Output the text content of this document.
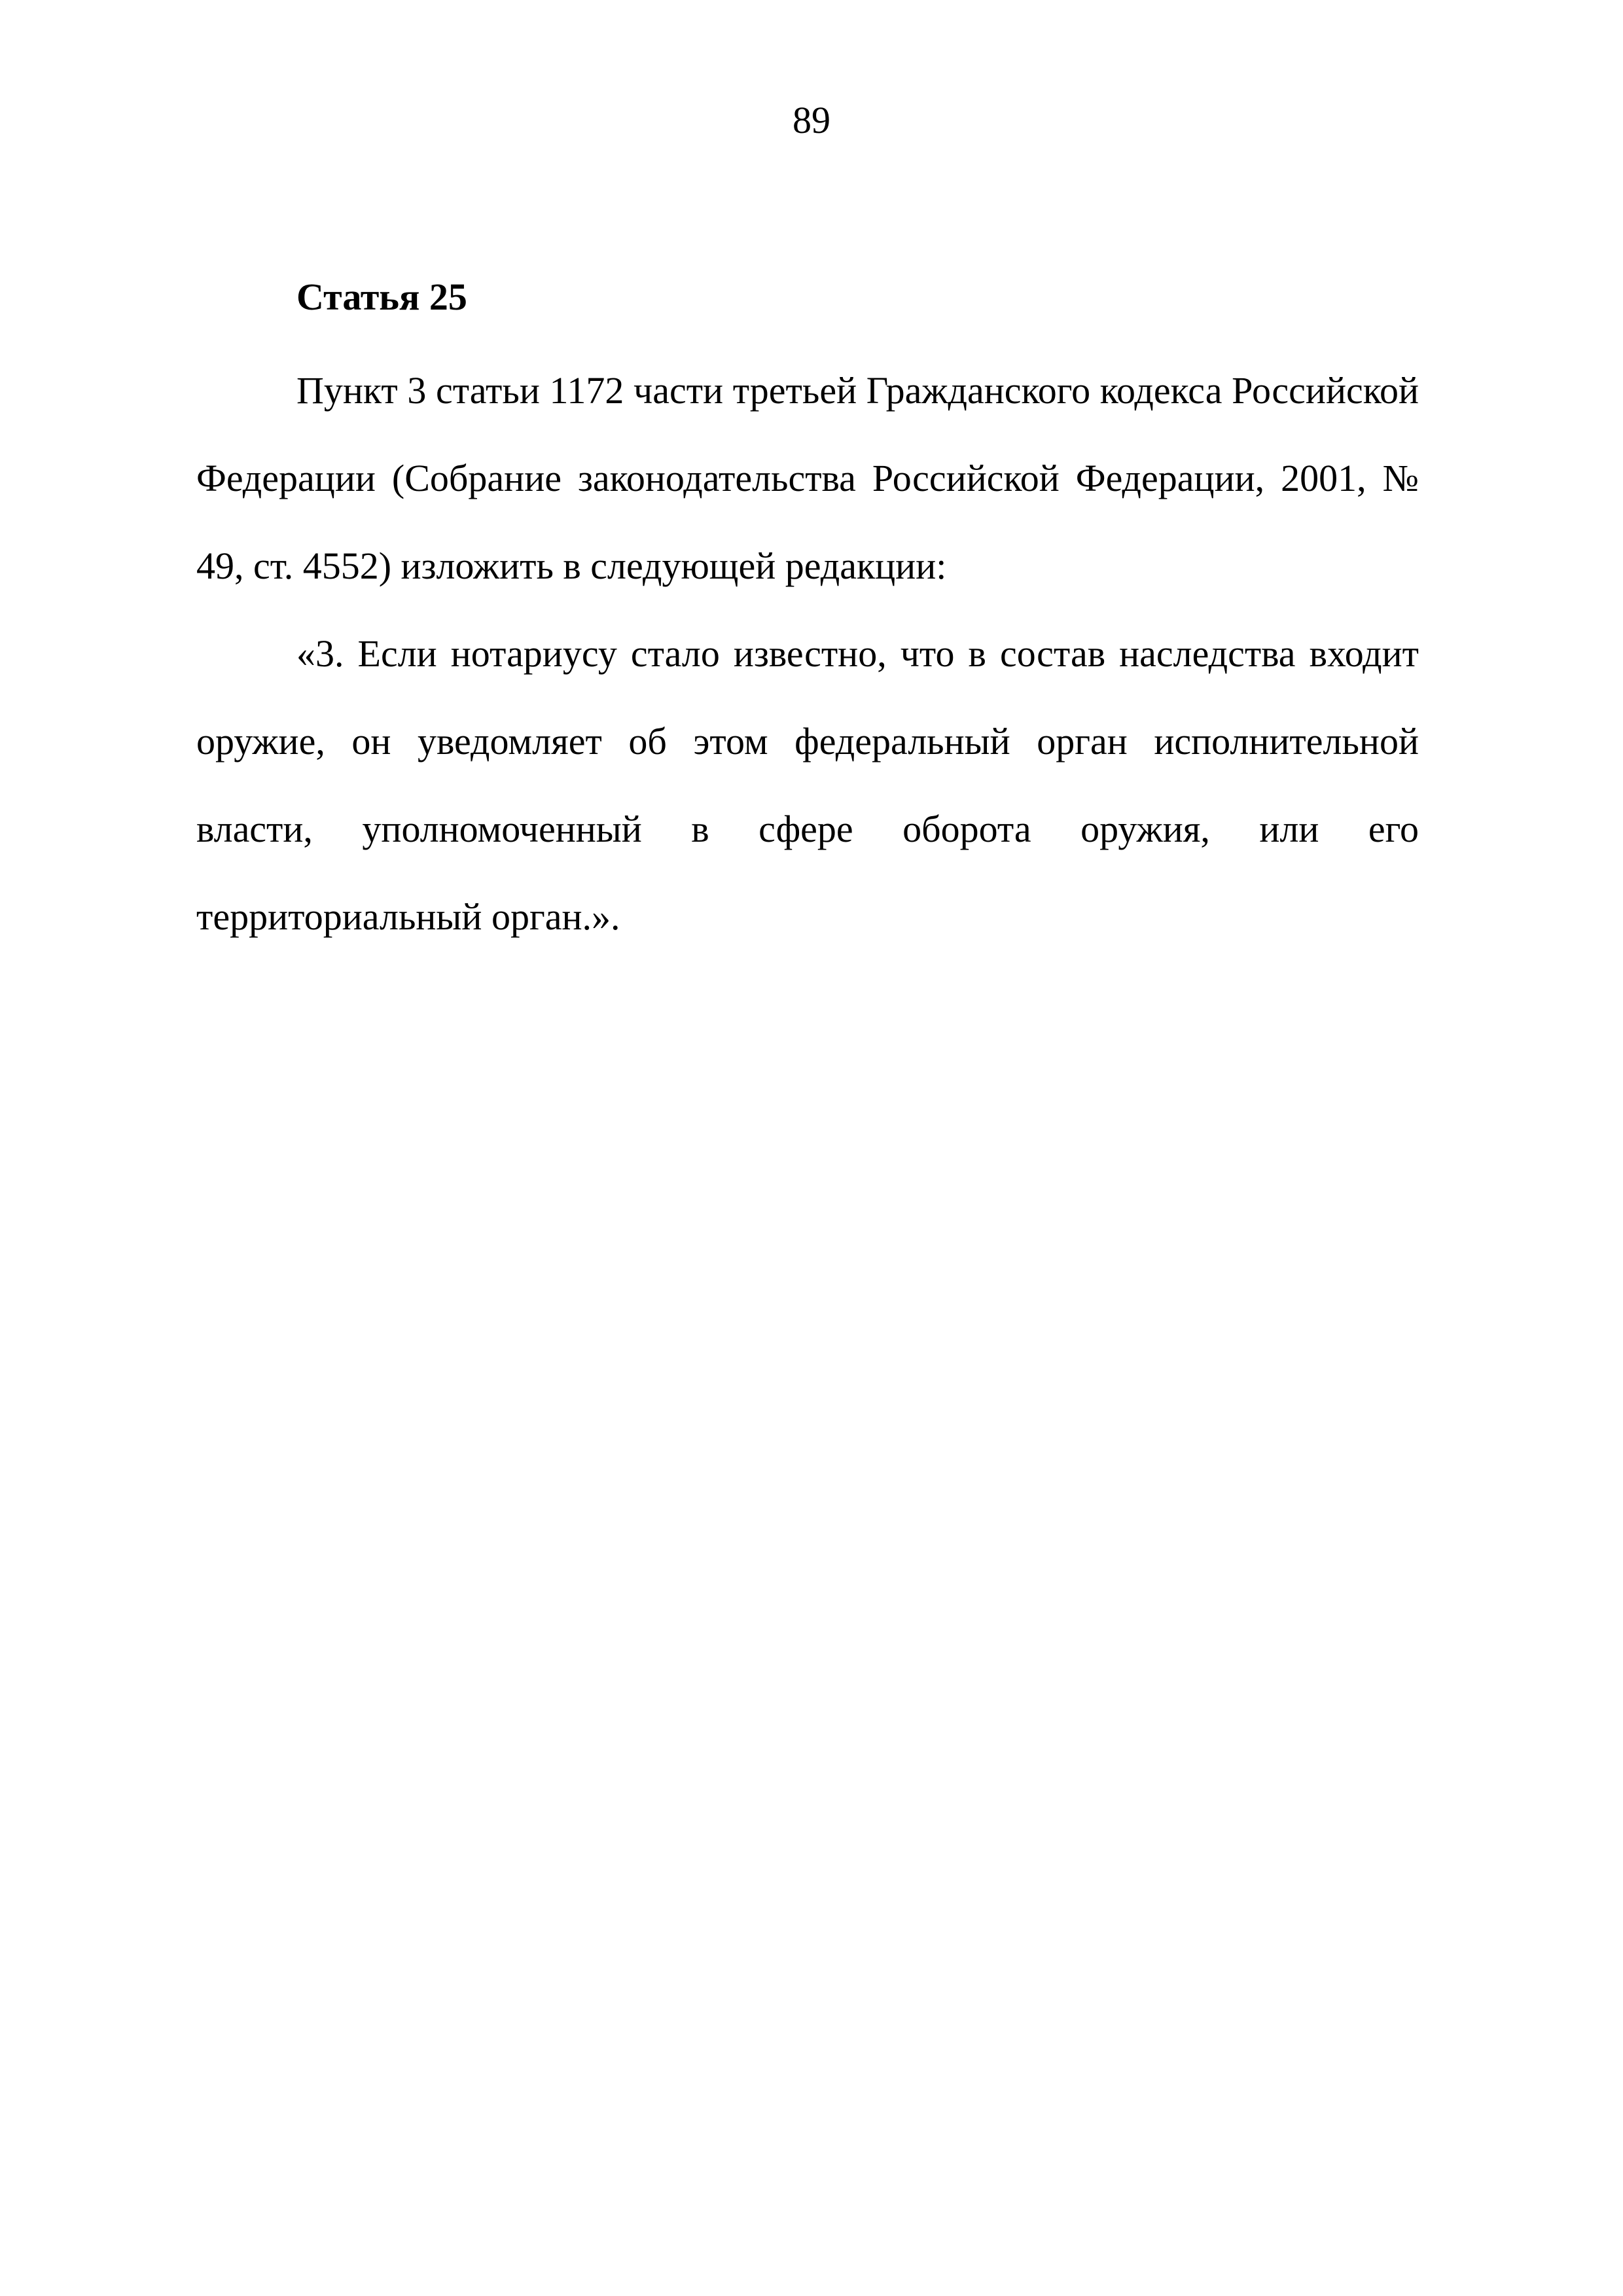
89
Статья 25

Пункт 3 статьи 1172 части третьей Гражданского кодекса Российской Федерации (Собрание законодательства Российской Федерации, 2001, № 49, ст. 4552) изложить в следующей редакции:

«3. Если нотариусу стало известно, что в состав наследства входит оружие, он уведомляет об этом федеральный орган исполнительной власти, уполномоченный в сфере оборота оружия, или его территориальный орган.».
